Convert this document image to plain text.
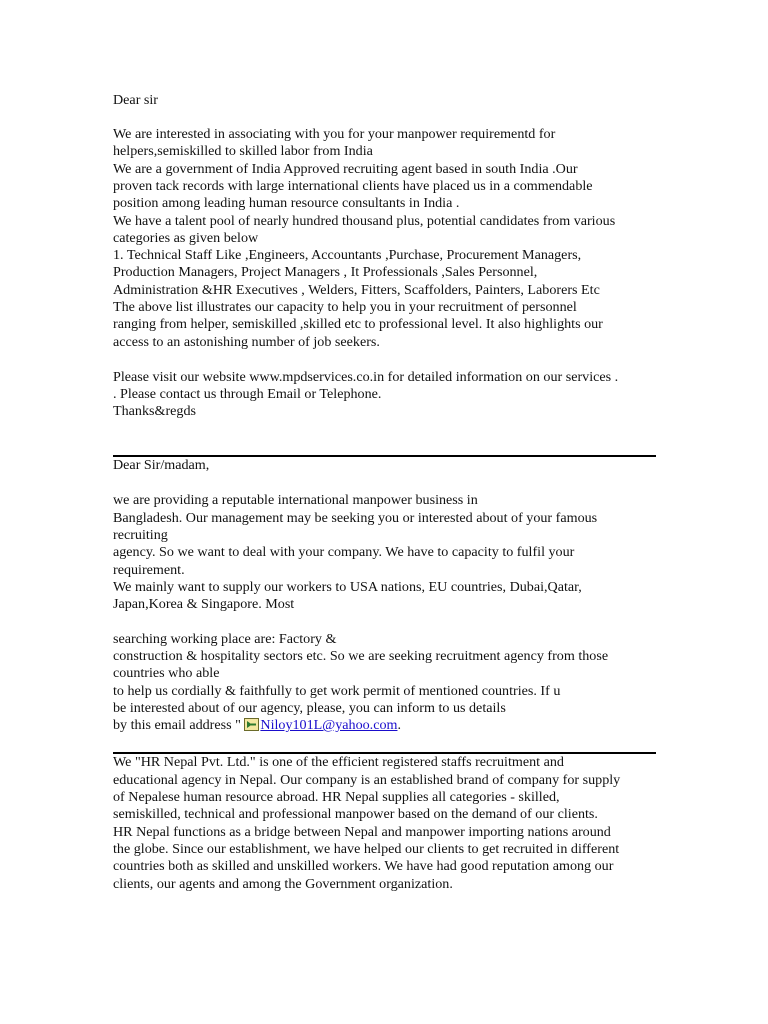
Dear sir
We are interested in associating with you for your manpower requirementd for
helpers,semiskilled to skilled labor from India
We are a government of India Approved recruiting agent based in south India .Our
proven tack records with large international clients have placed us in a commendable
position among leading human resource consultants in India .
We have a talent pool of nearly hundred thousand plus, potential candidates from various
categories as given below
1. Technical Staff Like ,Engineers, Accountants ,Purchase, Procurement Managers,
Production Managers, Project Managers , It Professionals ,Sales Personnel,
Administration &HR Executives , Welders, Fitters, Scaffolders, Painters, Laborers Etc
The above list illustrates our capacity to help you in your recruitment of personnel
ranging from helper, semiskilled ,skilled etc to professional level. It also highlights our
access to an astonishing number of job seekers.
Please visit our website www.mpdservices.co.in for detailed information on our services .
. Please contact us through Email or Telephone.
Thanks&regds
Dear Sir/madam,
we are providing a reputable international manpower business in
Bangladesh. Our management may be seeking you or interested about of your famous
recruiting
agency. So we want to deal with your company. We have to capacity to fulfil your
requirement.
We mainly want to supply our workers to USA nations, EU countries, Dubai,Qatar,
Japan,Korea & Singapore. Most
searching working place are: Factory &
construction & hospitality sectors etc. So we are seeking recruitment agency from those
countries who able
to help us cordially & faithfully to get work permit of mentioned countries. If u
be interested about of our agency, please, you can inform to us details
by this email address " Niloy101L@yahoo.com.
We "HR Nepal Pvt. Ltd." is one of the efficient registered staffs recruitment and
educational agency in Nepal. Our company is an established brand of company for supply
of Nepalese human resource abroad. HR Nepal supplies all categories - skilled,
semiskilled, technical and professional manpower based on the demand of our clients.
HR Nepal functions as a bridge between Nepal and manpower importing nations around
the globe. Since our establishment, we have helped our clients to get recruited in different
countries both as skilled and unskilled workers. We have had good reputation among our
clients, our agents and among the Government organization.
